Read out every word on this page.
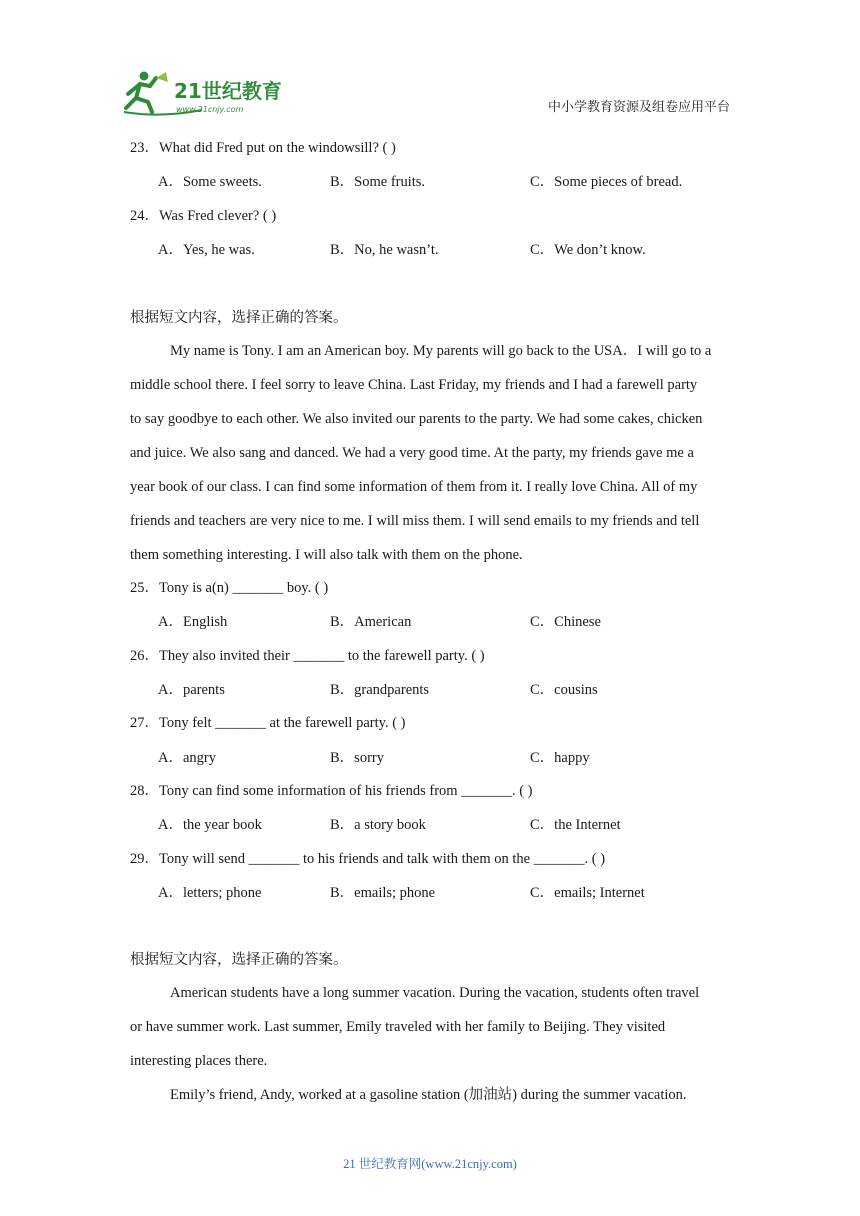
21世纪教育
www.21cnjy.com	中小学教育资源及组卷应用平台
23．What did Fred put on the windowsill? ( )
A．Some sweets.	B．Some fruits.	C．Some pieces of bread.
24．Was Fred clever? ( )
A．Yes, he was.	B．No, he wasn’t.	C．We don’t know.
根据短文内容，选择正确的答案。
My name is Tony. I am an American boy. My parents will go back to the USA．I will go to a
middle school there. I feel sorry to leave China. Last Friday, my friends and I had a farewell party
to say goodbye to each other. We also invited our parents to the party. We had some cakes, chicken
and juice. We also sang and danced. We had a very good time. At the party, my friends gave me a
year book of our class. I can find some information of them from it. I really love China. All of my
friends and teachers are very nice to me. I will miss them. I will send emails to my friends and tell
them something interesting. I will also talk with them on the phone.
25．Tony is a(n) _______ boy. ( )
A．English	B．American	C．Chinese
26．They also invited their _______ to the farewell party. ( )
A．parents	B．grandparents	C．cousins
27．Tony felt _______ at the farewell party. ( )
A．angry	B．sorry	C．happy
28．Tony can find some information of his friends from _______. ( )
A．the year book	B．a story book	C．the Internet
29．Tony will send _______ to his friends and talk with them on the _______. ( )
A．letters; phone	B．emails; phone	C．emails; Internet
根据短文内容，选择正确的答案。
American students have a long summer vacation. During the vacation, students often travel
or have summer work. Last summer, Emily traveled with her family to Beijing. They visited
interesting places there.
Emily’s friend, Andy, worked at a gasoline station (加油站) during the summer vacation.
21 世纪教育网(www.21cnjy.com)
